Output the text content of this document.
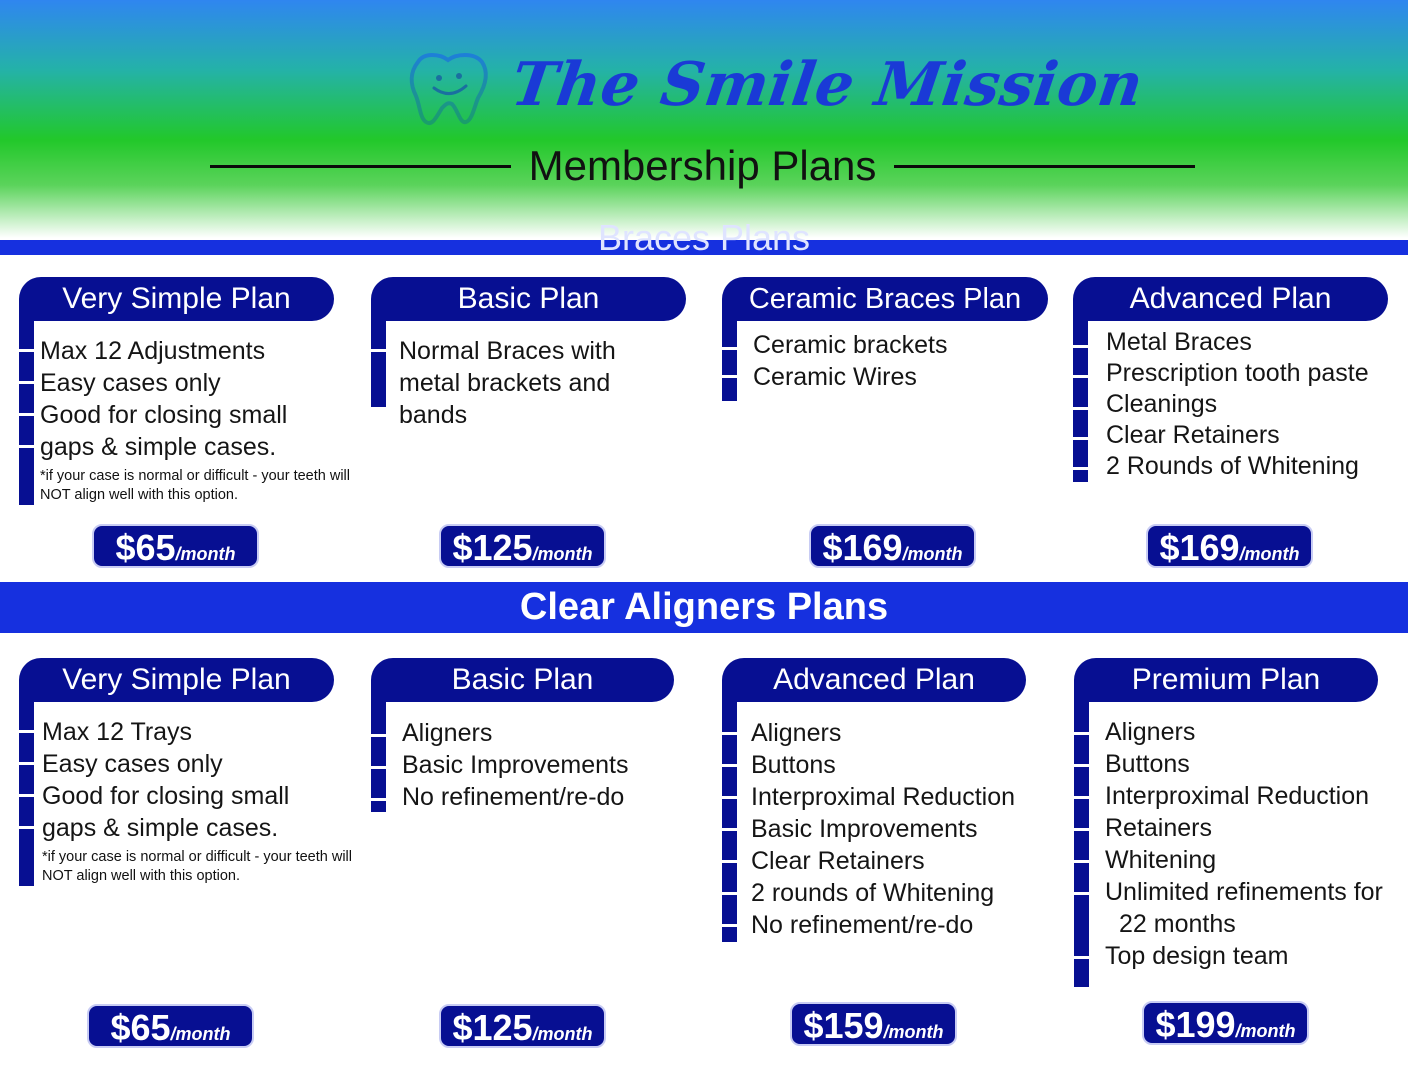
The Smile Mission
Membership Plans
Braces Plans
Very Simple Plan
Max 12 Adjustments
Easy cases only
Good for closing small
gaps & simple cases.
*if your case is normal or difficult - your teeth will NOT align well with this option.
$65 /month
Basic Plan
Normal Braces with
metal brackets and
bands
$125 /month
Ceramic Braces Plan
Ceramic brackets
Ceramic Wires
$169 /month
Advanced Plan
Metal Braces
Prescription tooth paste
Cleanings
Clear Retainers
2 Rounds of Whitening
$169 /month
Clear Aligners Plans
Very Simple Plan
Max 12 Trays
Easy cases only
Good for closing small
gaps & simple cases.
*if your case is normal or difficult - your teeth will NOT align well with this option.
$65 /month
Basic Plan
Aligners
Basic Improvements
No refinement/re-do
$125 /month
Advanced Plan
Aligners
Buttons
Interproximal Reduction
Basic Improvements
Clear Retainers
2 rounds of Whitening
No refinement/re-do
$159 /month
Premium Plan
Aligners
Buttons
Interproximal Reduction
Retainers
Whitening
Unlimited refinements for
22 months
Top design team
$199 /month
